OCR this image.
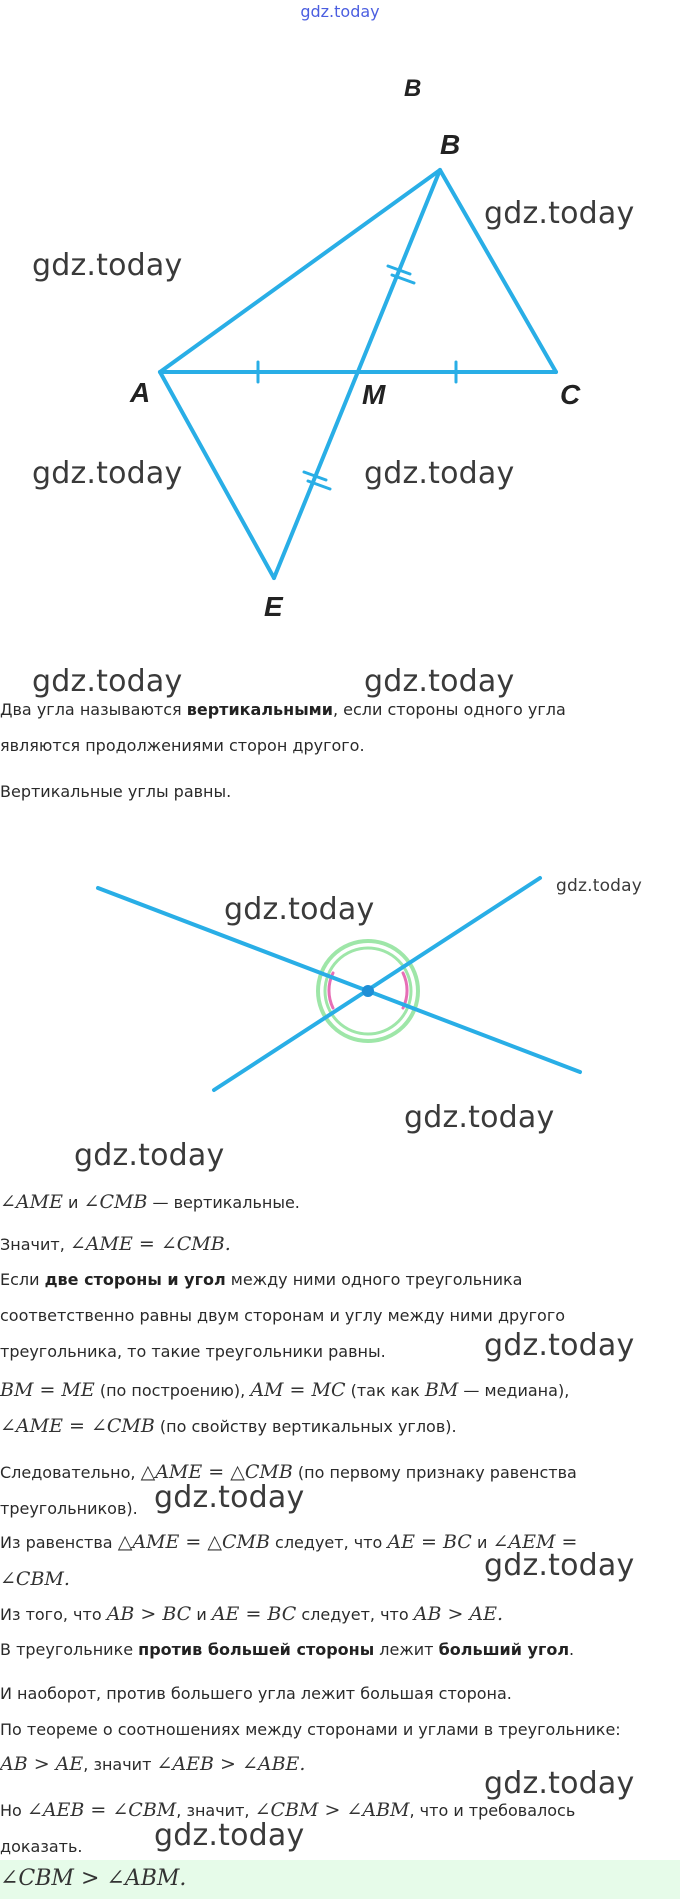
gdz.today
B
B
A	M	C
E
gdz.today
gdz.today
gdz.today	gdz.today
gdz.today	gdz.today
gdz.today
gdz.today
gdz.today
gdz.today
gdz.today
gdz.today
gdz.today
gdz.today
gdz.today
Два угла называются вертикальными, если стороны одного угла являются продолжениями сторон другого.
Вертикальные углы равны.
∠AME и ∠CMB — вертикальные.
Значит, ∠AME = ∠CMB.
Если две стороны и угол между ними одного треугольника соответственно равны двум сторонам и углу между ними другого треугольника, то такие треугольники равны.
BM = ME (по построению), AM = MC (так как BM — медиана),
∠AME = ∠CMB (по свойству вертикальных углов).
Следовательно, △AME = △CMB (по первому признаку равенства треугольников).
Из равенства △AME = △CMB следует, что AE = BC и ∠AEM = ∠CBM.
Из того, что AB > BC и AE = BC следует, что AB > AE.
В треугольнике против большей стороны лежит больший угол.
И наоборот, против большего угла лежит большая сторона.
По теореме о соотношениях между сторонами и углами в треугольнике:
AB > AE, значит ∠AEB > ∠ABE.
Но ∠AEB = ∠CBM, значит, ∠CBM > ∠ABM, что и требовалось доказать.
∠CBM > ∠ABM.
